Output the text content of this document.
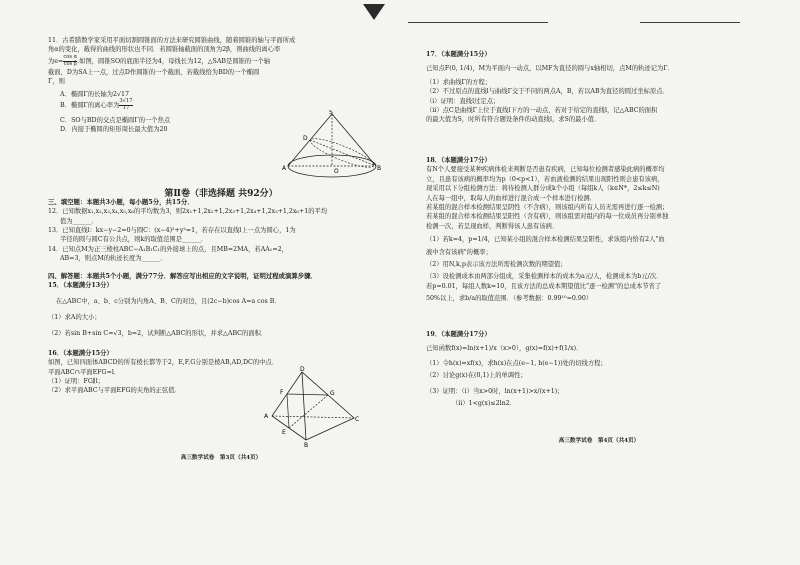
11．古希腊数学家采用平面切割圆锥面的方法来研究圆锥曲线，随着圆锥的轴与平面所成

角α的变化，截得的曲线的形状也不同．若圆锥轴截面的顶角为2β，则曲线的离心率

为$e= \frac{\text{cos α}}{\text{cos β}}$ .如图，圆锥SO的底面半径为4，母线长为12，△SAB是圆锥的一个轴

截面，D为SA上一点，过点D作圆锥的一个截面，若截线恰为BD的一个椭圆

Γ，则

A．椭圆Γ的长轴为2√17

B．椭圆Γ的离心率为 $\frac{3√17}{17}$

C．SO与BD的交点是椭圆Γ的一个焦点

D．内接于椭圆的矩形周长最大值为20

S
D
A	B
O
第Ⅱ卷（非选择题 共92分）

三、填空题：本题共3小题，每小题5分，共15分．

12．已知数据x₁,x₂,x₃,x₄,x₅,x₆的平均数为3，则2x₁+1,2x₂+1,2x₃+1,2x₄+1,2x₅+1,2x₆+1的平均

值为______．

13．已知直线l：kx−y−2=0与圆C：(x−4)²+y²=1，若存在以直线l上一点为圆心，1为

半径的圆与圆C有公共点，则k的取值范围是______．

14．已知点M为正三棱柱ABC−A₁B₁C₁的外接球上的点，且MB=2MA，若AA₁=2，

AB=3，则点M的轨迹长度为______．

四、解答题：本题共5个小题，满分77分．解答应写出相应的文字说明，证明过程或演算步骤．

15．（本题满分13分）

在△ABC中，a、b、c分别为内角A、B、C的对边，且(2c−b)cos A=a cos B．

（1）求A的大小；

（2）若sin B+sin C=√3，b=2，试判断△ABC的形状，并求△ABC的面积．

16．（本题满分15分）

如图，已知四面体ABCD的所有棱长都等于2，E,F,G分别是棱AB,AD,DC的中点．

平面ABC∩平面EFG=l．

（1）证明：FG∥l；

（2）求平面ABC与平面EFG的夹角的正弦值．

D
F	G
A
E
B
C
高三数学试卷　第3页（共4页）

17．（本题满分15分）

已知点F(0, 1/4)，M为平面内一动点，以MF为直径的圆与x轴相切，点M的轨迹记为Γ．

（1）求曲线Γ的方程；

（2）不过原点的直线l与曲线Γ交于不同的两点A，B，若以AB为直径的圆过坐标原点．

（i）证明：直线l过定点；

（ii）点C是曲线Γ上位于直线l下方的一动点，若对于给定的直线l，记△ABC的面积

的最大值为S，时所有符合题设条件的动直线l，求S的最小值．

18．（本题满分17分）

有N个人要接受某种疾病体检来判断是否患有疾病，已知每位检测者感染此病的概率均

立，且患有该病的概率均为p（0<p<1），若血液检测的结果出现阳性则会患有该病，

现采用以下分组检测方法：将待检测人群分成k个小组（每组k人（k∈N*，2≤k≤N)

人在每一组中，取每人的血样进行混合成一个样本进行检测．

若某组的混合样本检测结果呈阴性（不含病），则该组内所有人员无需再进行逐一检测；

若某组的混合样本检测结果呈阳性（含有病），则该组需对组内的每一位成员再分别单独

检测一次，若呈现血样，判断得该人患有该病．

（1）若k=4，p=1/4，已知某小组的混合样本检测结果呈阳性，求该组内恰有2人"血

液中含有该病"的概率；

（2）用N,k,p表示该方法所需检测次数的期望值；

（3）设检测成本由两部分组成，采集检测样本的成本为a元/人，检测成本为b元/次．

若p=0.01，每组人数k=10，且该方法的总成本期望值比"逐一检测"的总成本节省了

50%以上，求b/a的取值范围．（参考数据：0.99¹⁰≈0.90）

19．（本题满分17分）

已知函数f(x)=ln(x+1)/x（x>0），g(x)=f(x)+f(1/x)．

（1）令h(x)=xf(x)，求h(x)在点(e−1, h(e−1))处的切线方程；

（2）讨论g(x)在(0,1)上的单调性；

（3）证明：（i）当x>0时，ln(x+1)>x/(x+1)；

（ii）1<g(x)≤2ln2．

高三数学试卷　第4页（共4页）
